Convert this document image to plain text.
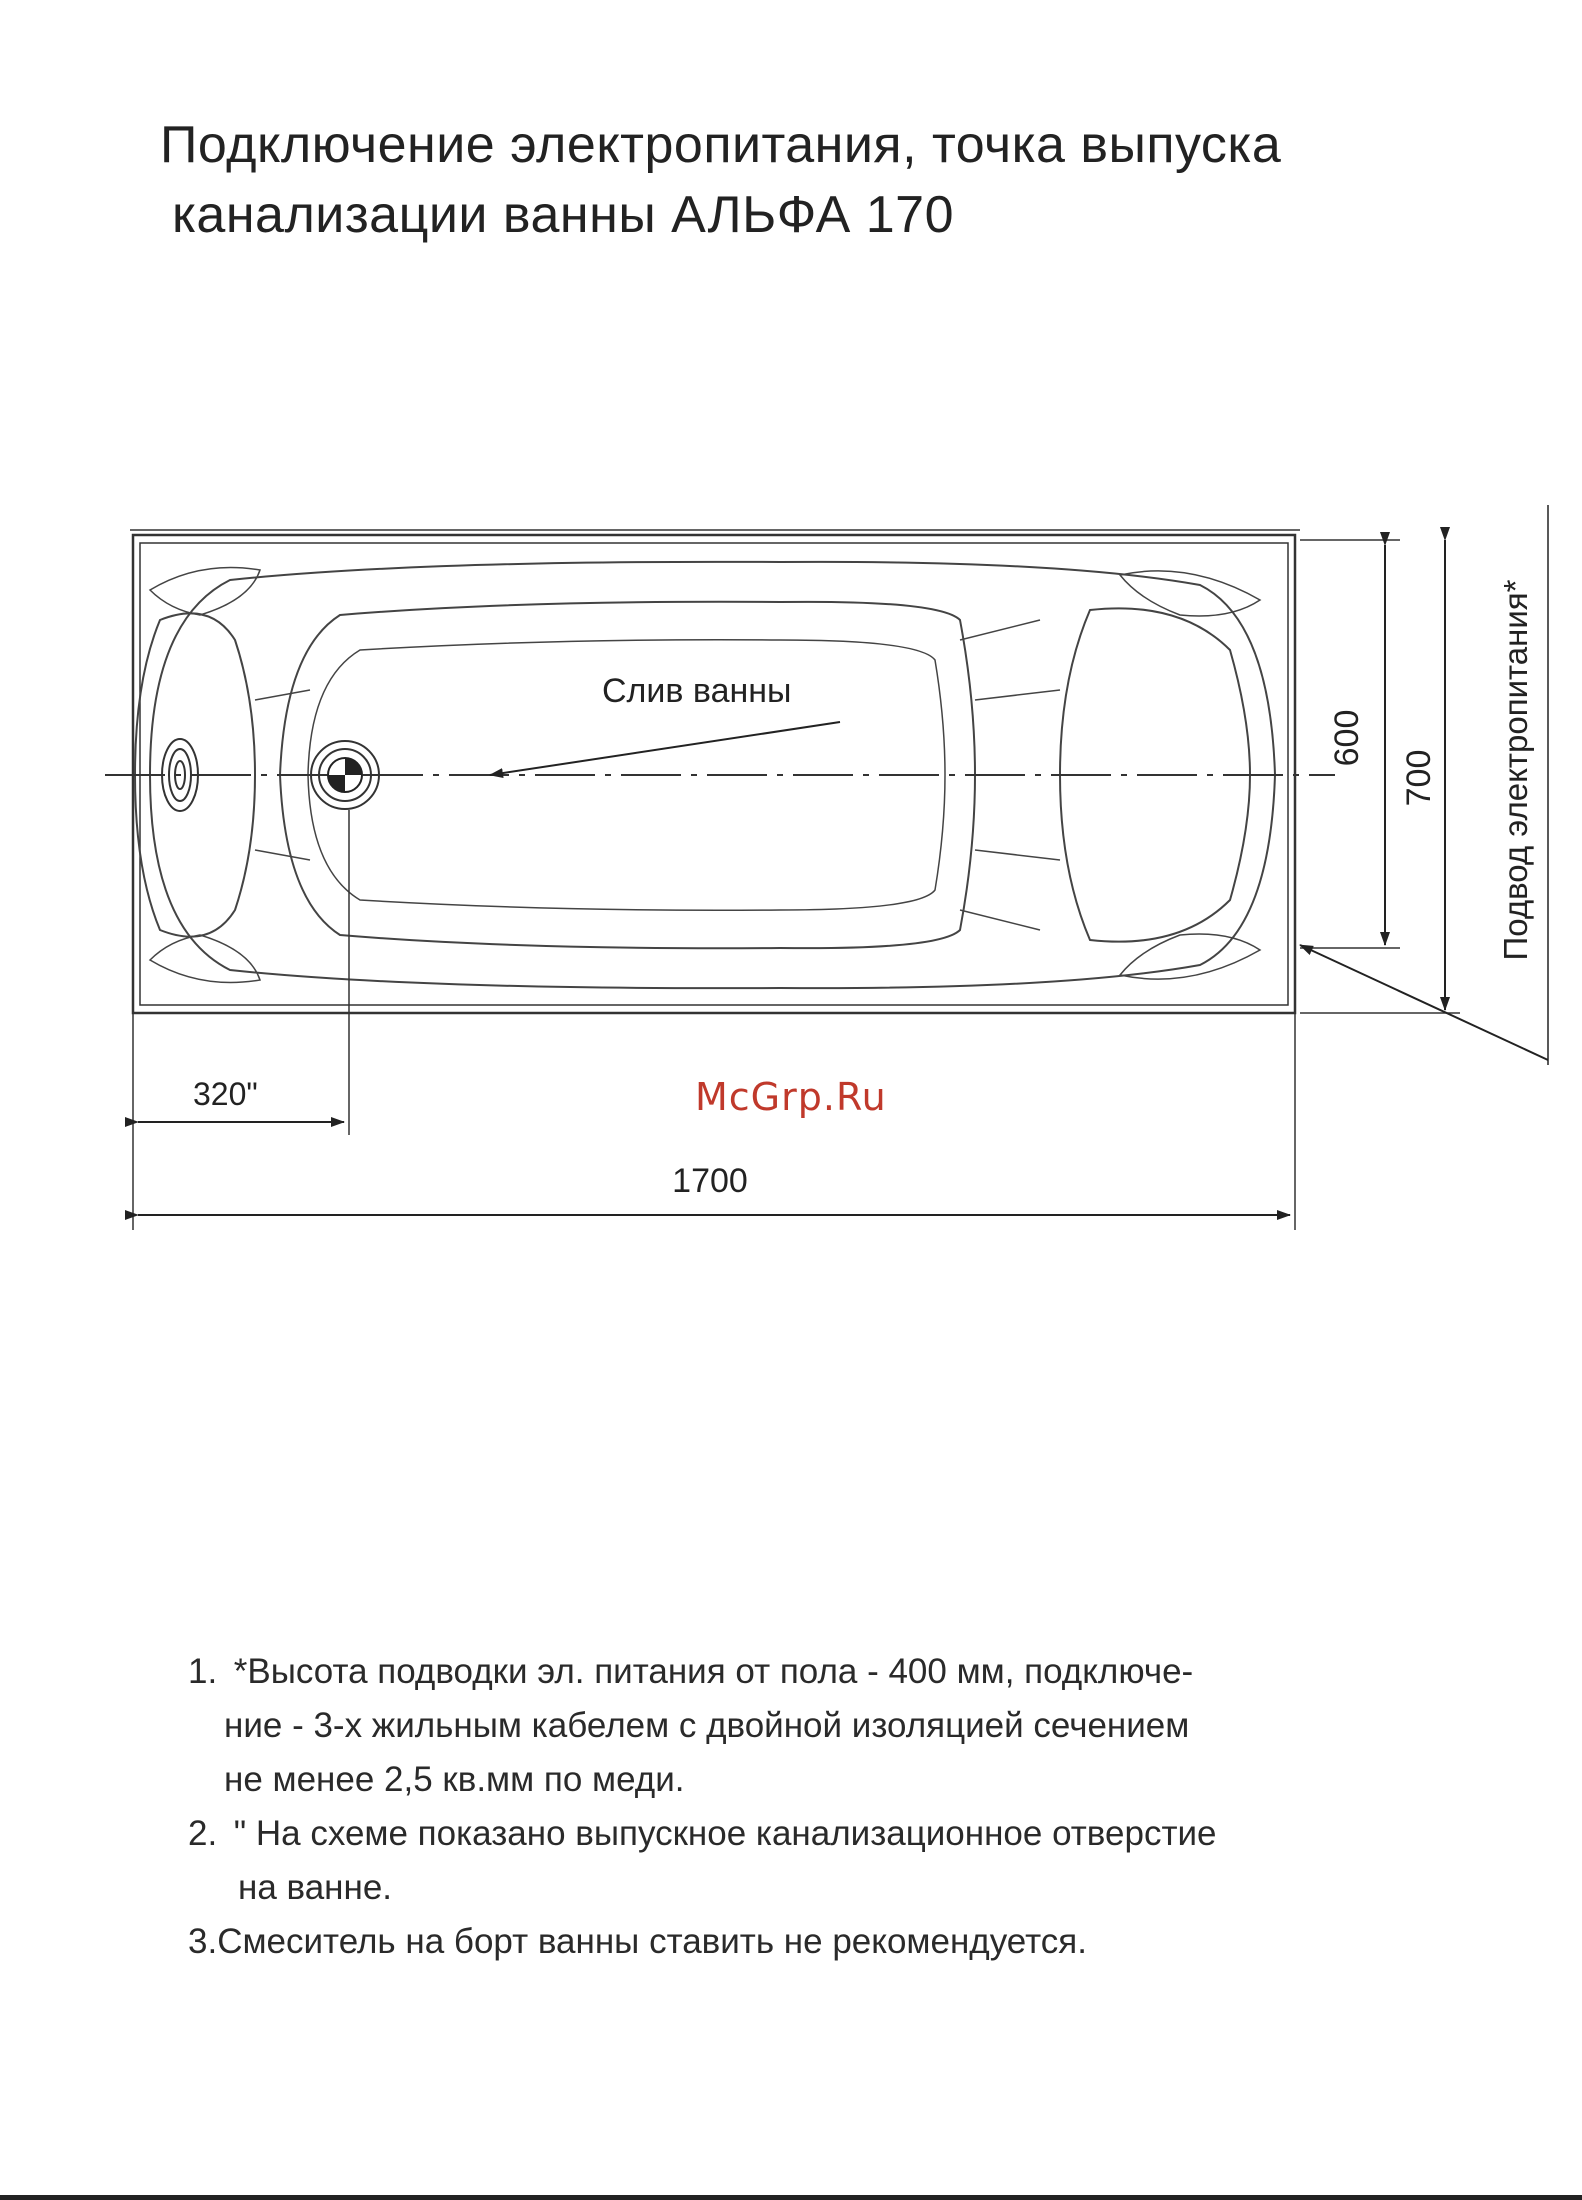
Подключение электропитания, точка выпуска
канализации ванны АЛЬФА 170
Слив ванны
600
700 Подвод электропитания*
320"
1700
McGrp.Ru
1. *Высота подводки эл. питания от пола - 400 мм, подключе-
ние - 3-х жильным кабелем с двойной изоляцией сечением
не менее 2,5 кв.мм по меди.
2. " На схеме показано выпускное канализационное отверстие
на ванне.
3.Смеситель на борт ванны ставить не рекомендуется.
